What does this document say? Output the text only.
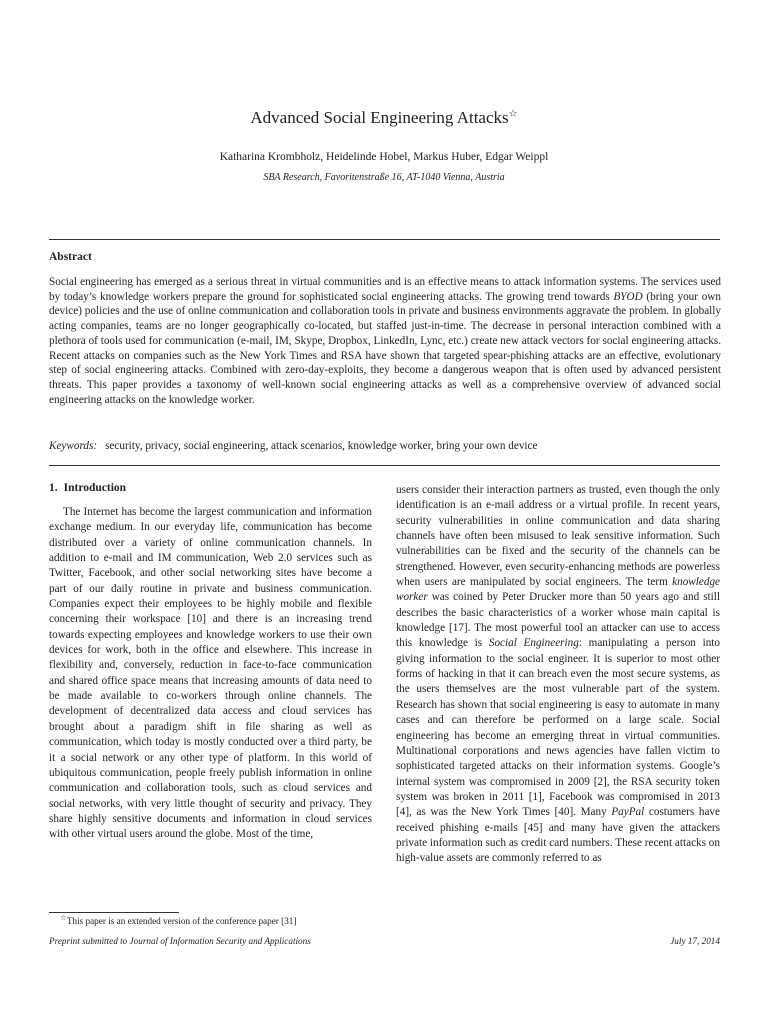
Advanced Social Engineering Attacks☆
Katharina Krombholz, Heidelinde Hobel, Markus Huber, Edgar Weippl
SBA Research, Favoritenstraße 16, AT-1040 Vienna, Austria
Abstract
Social engineering has emerged as a serious threat in virtual communities and is an effective means to attack information systems. The services used by today’s knowledge workers prepare the ground for sophisticated social engineering attacks. The growing trend towards BYOD (bring your own device) policies and the use of online communication and collaboration tools in private and business environments aggravate the problem. In globally acting companies, teams are no longer geographically co-located, but staffed just-in-time. The decrease in personal interaction combined with a plethora of tools used for communication (e-mail, IM, Skype, Dropbox, LinkedIn, Lync, etc.) create new attack vectors for social engineering attacks. Recent attacks on companies such as the New York Times and RSA have shown that targeted spear-phishing attacks are an effective, evolutionary step of social engineering attacks. Combined with zero-day-exploits, they become a dangerous weapon that is often used by advanced persistent threats. This paper provides a taxonomy of well-known social engineering attacks as well as a comprehensive overview of advanced social engineering attacks on the knowledge worker.
Keywords: security, privacy, social engineering, attack scenarios, knowledge worker, bring your own device
1. Introduction
The Internet has become the largest communication and information exchange medium. In our everyday life, communication has become distributed over a variety of online communication channels. In addition to e-mail and IM communication, Web 2.0 services such as Twitter, Facebook, and other social networking sites have become a part of our daily routine in private and business communication. Companies expect their employees to be highly mobile and flexible concerning their workspace [10] and there is an increasing trend towards expecting employees and knowledge workers to use their own devices for work, both in the office and elsewhere. This increase in flexibility and, conversely, reduction in face-to-face communication and shared office space means that increasing amounts of data need to be made available to co-workers through online channels. The development of decentralized data access and cloud services has brought about a paradigm shift in file sharing as well as communication, which today is mostly conducted over a third party, be it a social network or any other type of platform. In this world of ubiquitous communication, people freely publish information in online communication and collaboration tools, such as cloud services and social networks, with very little thought of security and privacy. They share highly sensitive documents and information in cloud services with other virtual users around the globe. Most of the time,
users consider their interaction partners as trusted, even though the only identification is an e-mail address or a virtual profile. In recent years, security vulnerabilities in online communication and data sharing channels have often been misused to leak sensitive information. Such vulnerabilities can be fixed and the security of the channels can be strengthened. However, even security-enhancing methods are powerless when users are manipulated by social engineers. The term knowledge worker was coined by Peter Drucker more than 50 years ago and still describes the basic characteristics of a worker whose main capital is knowledge [17]. The most powerful tool an attacker can use to access this knowledge is Social Engineering: manipulating a person into giving information to the social engineer. It is superior to most other forms of hacking in that it can breach even the most secure systems, as the users themselves are the most vulnerable part of the system. Research has shown that social engineering is easy to automate in many cases and can therefore be performed on a large scale. Social engineering has become an emerging threat in virtual communities. Multinational corporations and news agencies have fallen victim to sophisticated targeted attacks on their information systems. Google’s internal system was compromised in 2009 [2], the RSA security token system was broken in 2011 [1], Facebook was compromised in 2013 [4], as was the New York Times [40]. Many PayPal costumers have received phishing e-mails [45] and many have given the attackers private information such as credit card numbers. These recent attacks on high-value assets are commonly referred to as
☆This paper is an extended version of the conference paper [31]
Preprint submitted to Journal of Information Security and Applications	July 17, 2014
